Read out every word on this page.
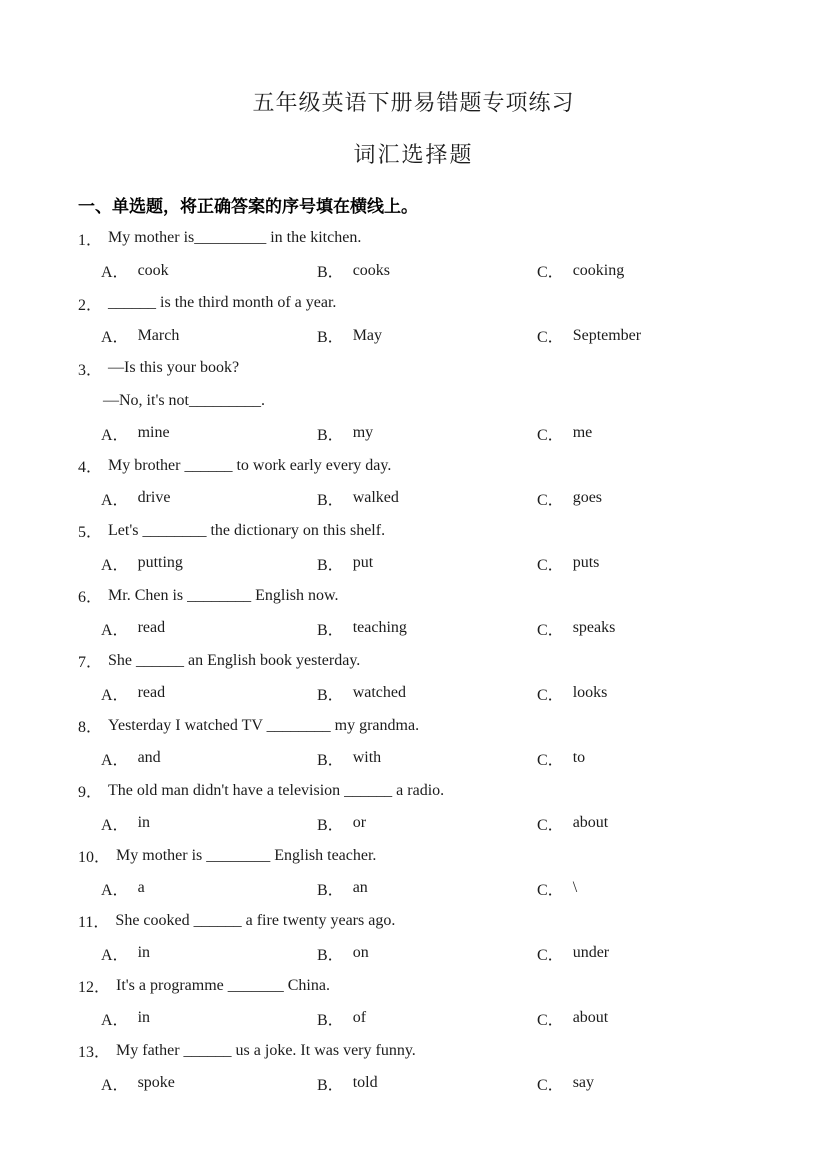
五年级英语下册易错题专项练习
词汇选择题
一、单选题，将正确答案的序号填在横线上。
1． My mother is_________ in the kitchen.
A． cook	B． cooks	C． cooking
2． ______ is the third month of a year.
A． March	B． May	C． September
3． —Is this your book?
—No, it's not_________.
A． mine	B． my	C． me
4． My brother ______ to work early every day.
A． drive	B． walked	C． goes
5． Let's ________ the dictionary on this shelf.
A． putting	B． put	C． puts
6． Mr. Chen is ________ English now.
A． read	B． teaching	C． speaks
7． She ______ an English book yesterday.
A． read	B． watched	C． looks
8． Yesterday I watched TV ________ my grandma.
A． and	B． with	C． to
9． The old man didn't have a television ______ a radio.
A． in	B． or	C． about
10． My mother is ________ English teacher.
A． a	B． an	C． \
11． She cooked ______ a fire twenty years ago.
A． in	B． on	C． under
12． It's a programme _______ China.
A． in	B． of	C． about
13． My father ______ us a joke. It was very funny.
A． spoke	B． told	C． say
